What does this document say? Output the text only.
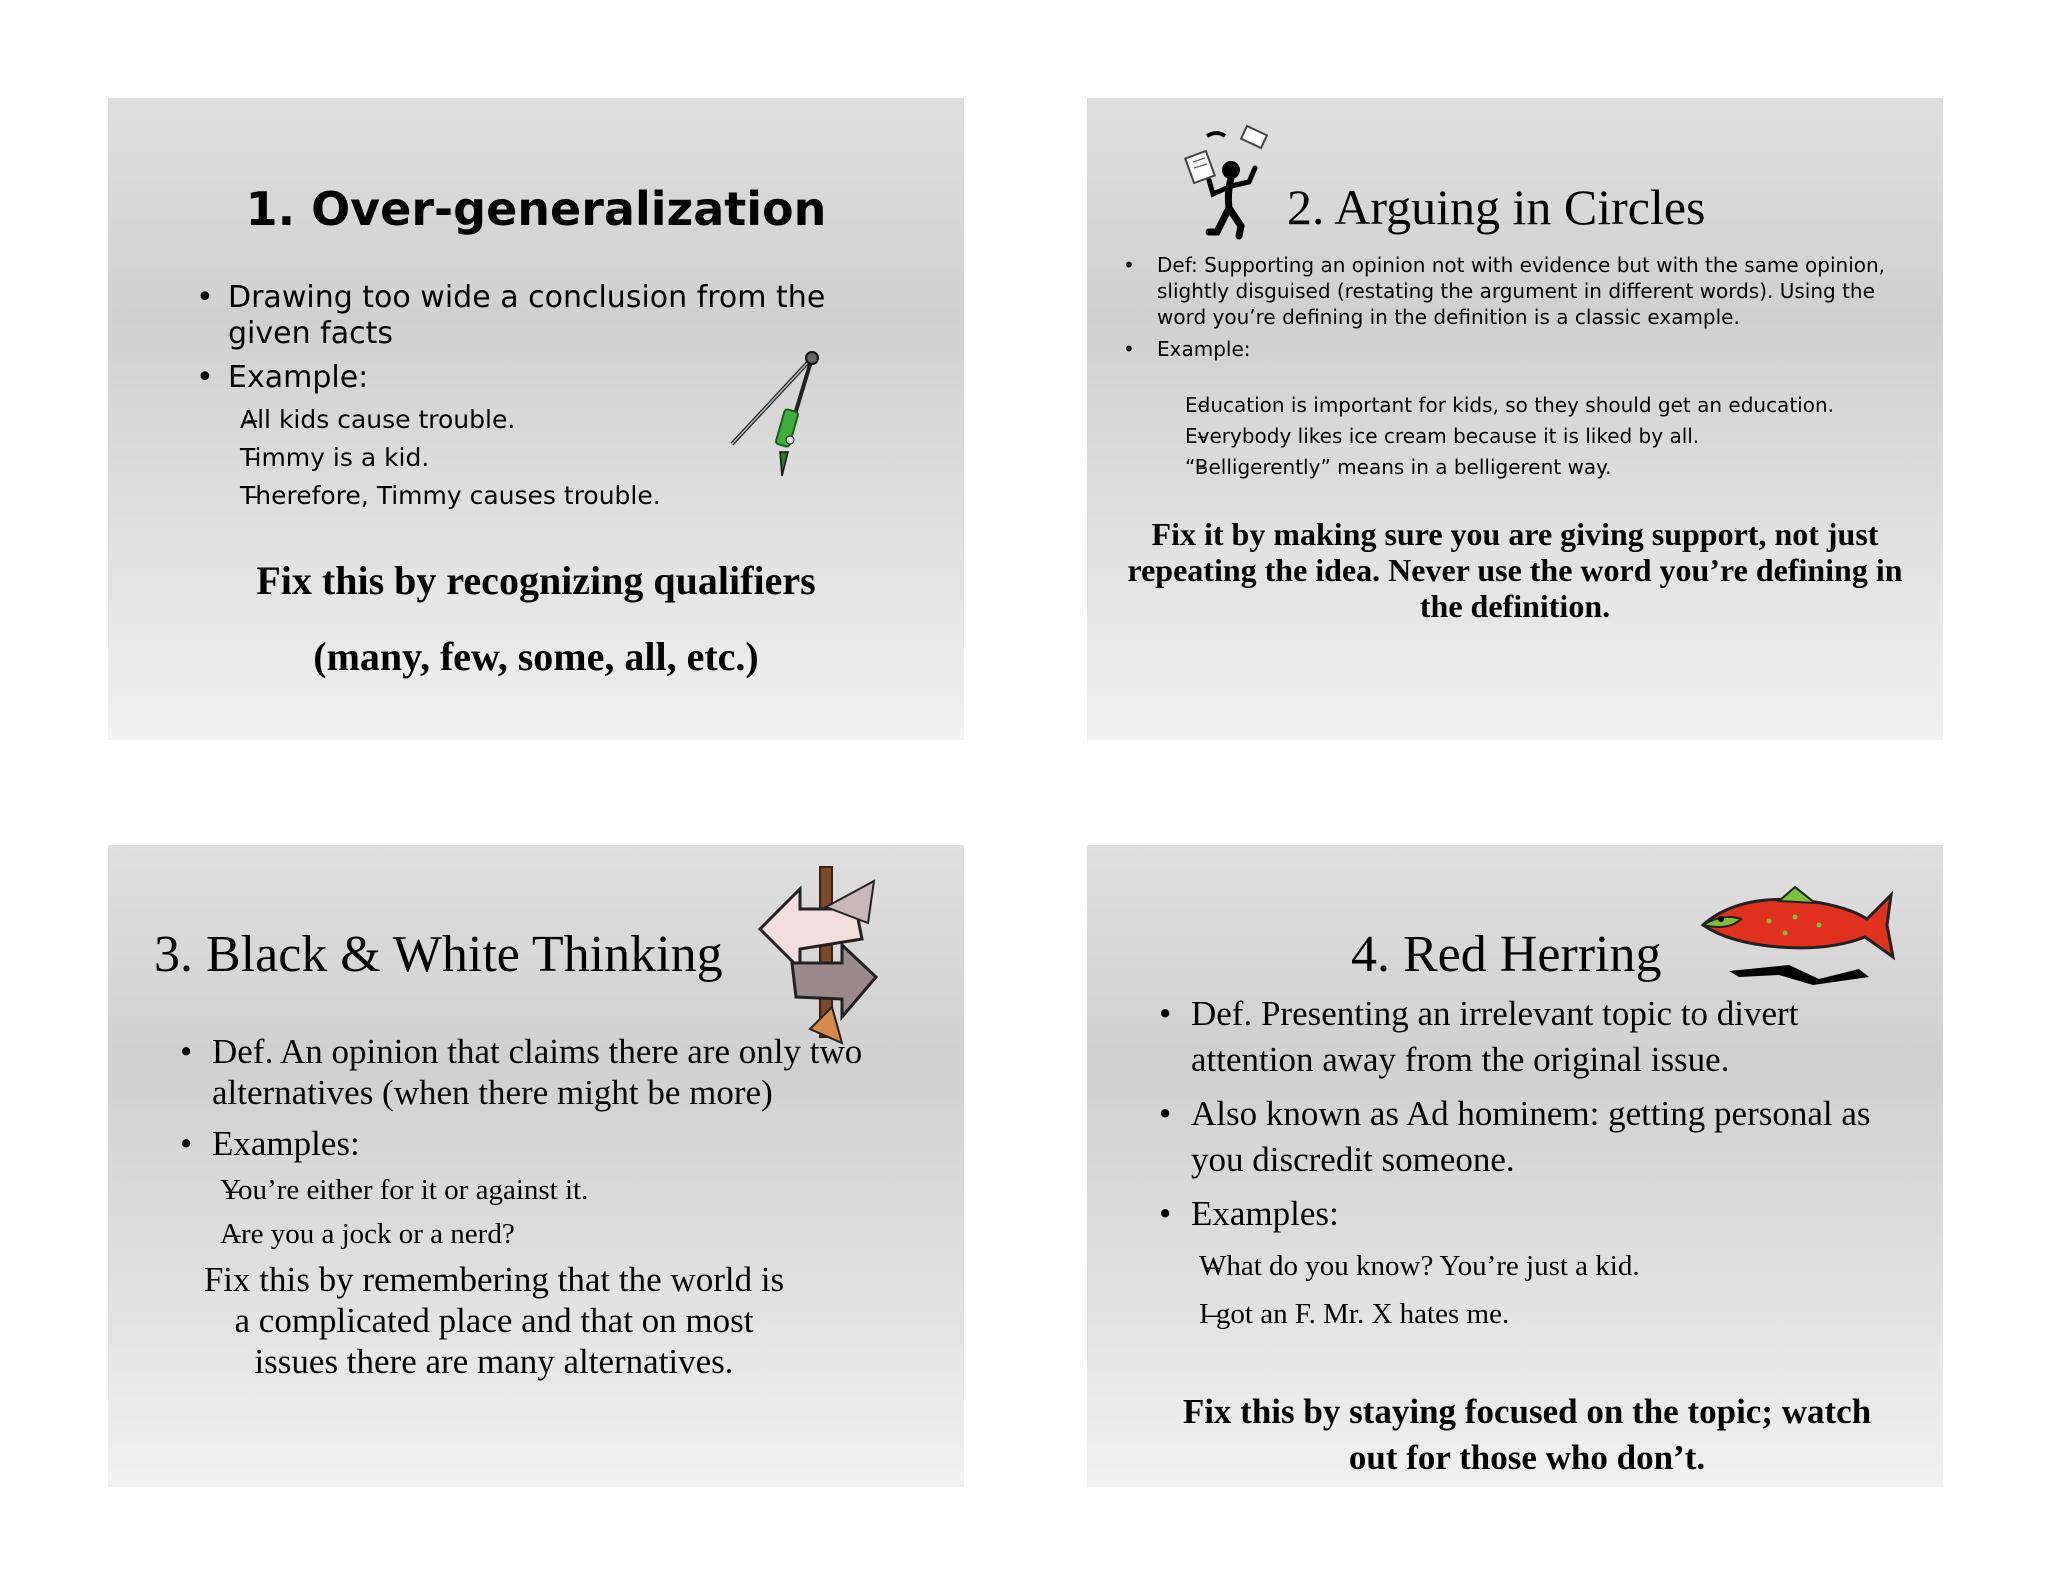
1. Over-generalization
• Drawing too wide a conclusion from the given facts
• Example:
– All kids cause trouble.
– Timmy is a kid.
– Therefore, Timmy causes trouble.
Fix this by recognizing qualifiers
(many, few, some, all, etc.)
2. Arguing in Circles
• Def: Supporting an opinion not with evidence but with the same opinion, slightly disguised (restating the argument in different words). Using the word you’re defining in the definition is a classic example.
• Example:
– Education is important for kids, so they should get an education.
– Everybody likes ice cream because it is liked by all.
– “Belligerently” means in a belligerent way.
Fix it by making sure you are giving support, not just repeating the idea. Never use the word you’re defining in the definition.
3. Black & White Thinking
• Def. An opinion that claims there are only two alternatives (when there might be more)
• Examples:
– You’re either for it or against it.
– Are you a jock or a nerd?
Fix this by remembering that the world is a complicated place and that on most issues there are many alternatives.
4. Red Herring
• Def. Presenting an irrelevant topic to divert attention away from the original issue.
• Also known as Ad hominem: getting personal as you discredit someone.
• Examples:
– What do you know? You’re just a kid.
– I got an F. Mr. X hates me.
Fix this by staying focused on the topic; watch out for those who don’t.
